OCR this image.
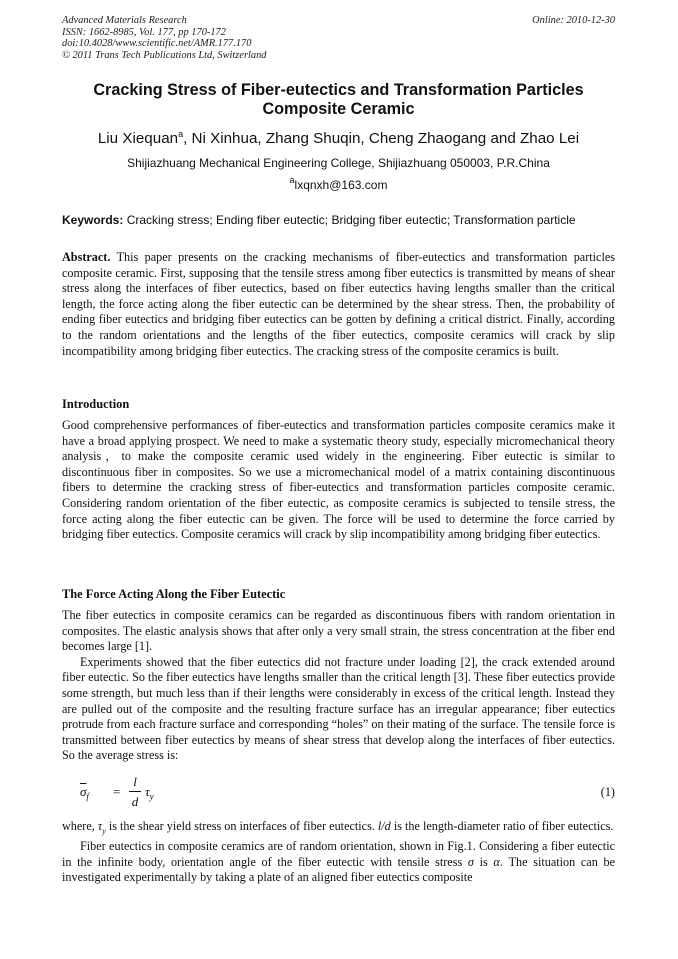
Advanced Materials Research
ISSN: 1662-8985, Vol. 177, pp 170-172
doi:10.4028/www.scientific.net/AMR.177.170
© 2011 Trans Tech Publications Ltd, Switzerland
Online: 2010-12-30
Cracking Stress of Fiber-eutectics and Transformation Particles Composite Ceramic
Liu Xiequan$^a$, Ni Xinhua, Zhang Shuqin, Cheng Zhaogang and Zhao Lei
Shijiazhuang Mechanical Engineering College, Shijiazhuang 050003, P.R.China
$^a$lxqnxh@163.com
Keywords: Cracking stress; Ending fiber eutectic; Bridging fiber eutectic; Transformation particle

Abstract. This paper presents on the cracking mechanisms of fiber-eutectics and transformation particles composite ceramic. First, supposing that the tensile stress among fiber eutectics is transmitted by means of shear stress along the interfaces of fiber eutectics, based on fiber eutectics having lengths smaller than the critical length, the force acting along the fiber eutectic can be determined by the shear stress. Then, the probability of ending fiber eutectics and bridging fiber eutectics can be gotten by defining a critical district. Finally, according to the random orientations and the lengths of the fiber eutectics, composite ceramics will crack by slip incompatibility among bridging fiber eutectics. The cracking stress of the composite ceramics is built.

Introduction

Good comprehensive performances of fiber-eutectics and transformation particles composite ceramics make it have a broad applying prospect. We need to make a systematic theory study, especially micromechanical theory analysis，to make the composite ceramic used widely in the engineering. Fiber eutectic is similar to discontinuous fiber in composites. So we use a micromechanical model of a matrix containing discontinuous fibers to determine the cracking stress of fiber-eutectics and transformation particles composite ceramic. Considering random orientation of the fiber eutectic, as composite ceramics is subjected to tensile stress, the force acting along the fiber eutectic can be given. The force will be used to determine the force carried by bridging fiber eutectics. Composite ceramics will crack by slip incompatibility among bridging fiber eutectics.

The Force Acting Along the Fiber Eutectic

The fiber eutectics in composite ceramics can be regarded as discontinuous fibers with random orientation in composites. The elastic analysis shows that after only a very small strain, the stress concentration at the fiber end becomes large [1].

Experiments showed that the fiber eutectics did not fracture under loading [2], the crack extended around fiber eutectic. So the fiber eutectics have lengths smaller than the critical length [3]. These fiber eutectics provide some strength, but much less than if their lengths were considerably in excess of the critical length. Instead they are pulled out of the composite and the resulting fracture surface has an irregular appearance; fiber eutectics protrude from each fracture surface and corresponding “holes” on their mating of the surface. The tensile force is transmitted between fiber eutectics by means of shear stress that develop along the interfaces of fiber eutectics. So the average stress is:

$\overline{\sigma}_f$ =
l
d
$\tau_y$	(1)

where, $\tau_y$ is the shear yield stress on interfaces of fiber eutectics. l/d is the length-diameter ratio of fiber eutectics.

Fiber eutectics in composite ceramics are of random orientation, shown in Fig.1. Considering a fiber eutectic in the infinite body, orientation angle of the fiber eutectic with tensile stress σ is α. The situation can be investigated experimentally by taking a plate of an aligned fiber eutectics composite
